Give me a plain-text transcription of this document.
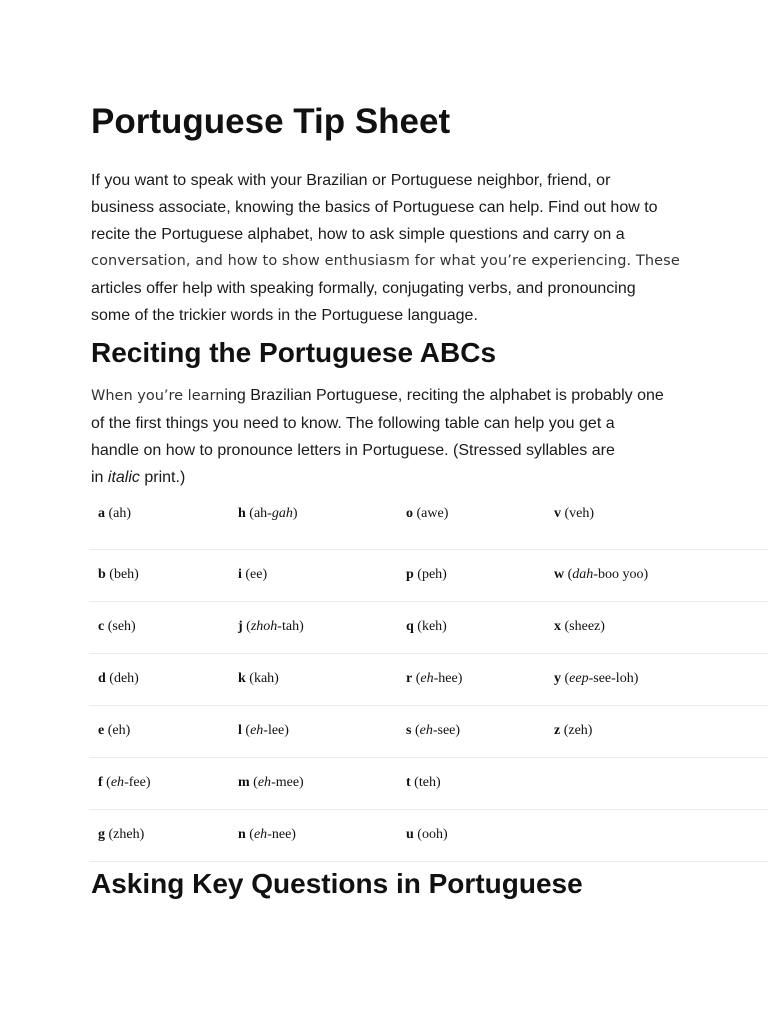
Portuguese Tip Sheet

If you want to speak with your Brazilian or Portuguese neighbor, friend, or
business associate, knowing the basics of Portuguese can help. Find out how to
recite the Portuguese alphabet, how to ask simple questions and carry on a
conversation, and how to show enthusiasm for what you’re experiencing. These
articles offer help with speaking formally, conjugating verbs, and pronouncing
some of the trickier words in the Portuguese language.

Reciting the Portuguese ABCs

When you’re learning Brazilian Portuguese, reciting the alphabet is probably one
of the first things you need to know. The following table can help you get a
handle on how to pronounce letters in Portuguese. (Stressed syllables are
in italic print.)

a (ah)	h (ah-gah)	o (awe)	v (veh)
b (beh)	i (ee)	p (peh)	w (dah-boo yoo)
c (seh)	j (zhoh-tah)	q (keh)	x (sheez)
d (deh)	k (kah)	r (eh-hee)	y (eep-see-loh)
e (eh)	l (eh-lee)	s (eh-see)	z (zeh)
f (eh-fee)	m (eh-mee)	t (teh)	
g (zheh)	n (eh-nee)	u (ooh)	
Asking Key Questions in Portuguese
